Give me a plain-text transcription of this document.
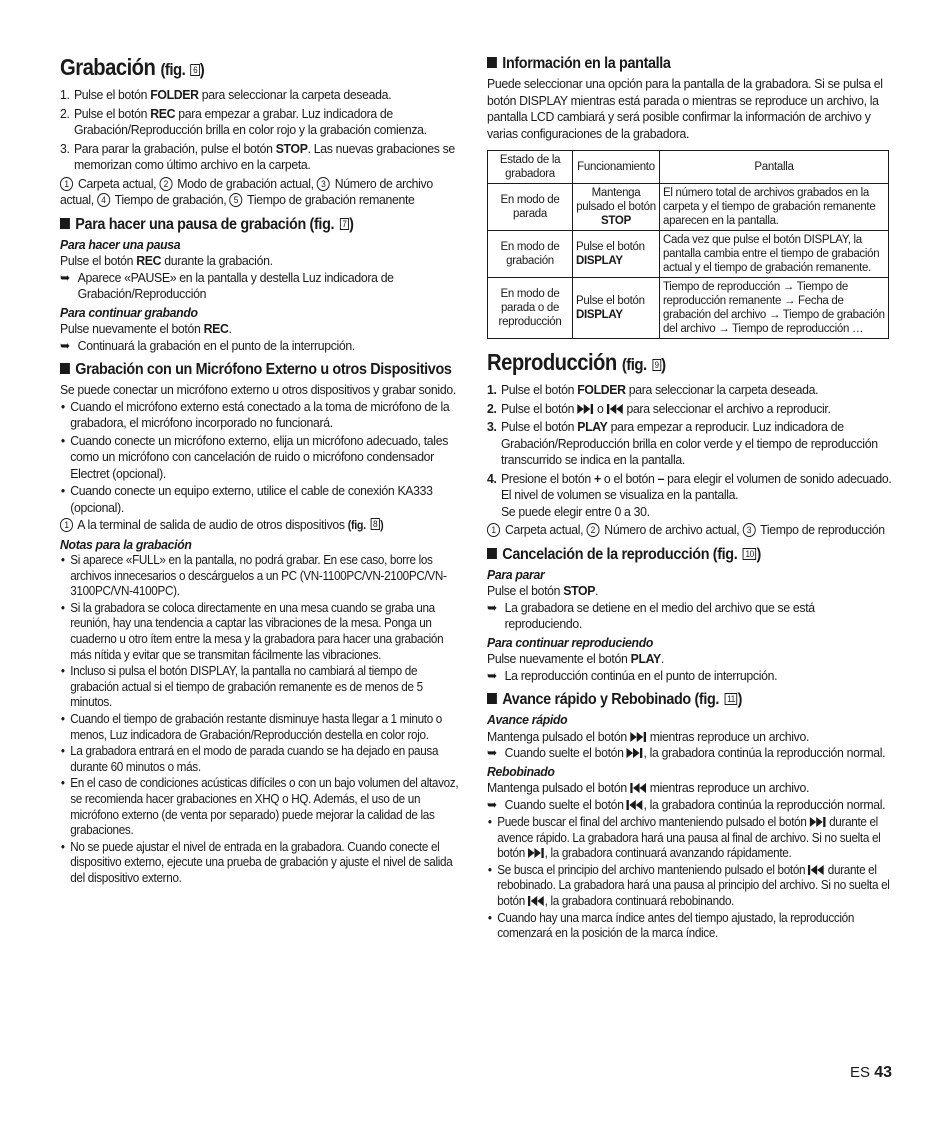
Grabación (fig. 6 )
1. Pulse el botón FOLDER para seleccionar la carpeta deseada.
2. Pulse el botón REC para empezar a grabar. Luz indicadora de Grabación/Reproducción brilla en color rojo y la grabación comienza.
3. Para parar la grabación, pulse el botón STOP. Las nuevas grabaciones se memorizan como último archivo en la carpeta.

1 Carpeta actual, 2 Modo de grabación actual, 3 Número de archivo actual, 4 Tiempo de grabación, 5 Tiempo de grabación remanente

Para hacer una pausa de grabación (fig. 7 )

Para hacer una pausa

Pulse el botón REC durante la grabación.

➥ Aparece «PAUSE» en la pantalla y destella Luz indicadora de Grabación/Reproducción

Para continuar grabando

Pulse nuevamente el botón REC.

➥ Continuará la grabación en el punto de la interrupción.
Grabación con un Micrófono Externo u otros Dispositivos

Se puede conectar un micrófono externo u otros dispositivos y grabar sonido.

• Cuando el micrófono externo está conectado a la toma de micrófono de la grabadora, el micrófono incorporado no funcionará.
• Cuando conecte un micrófono externo, elija un micrófono adecuado, tales como un micrófono con cancelación de ruido o micrófono condensador Electret (opcional).
• Cuando conecte un equipo externo, utilice el cable de conexión KA333 (opcional).

1 A la terminal de salida de audio de otros dispositivos (fig. 8 )

Notas para la grabación

• Si aparece «FULL» en la pantalla, no podrá grabar. En ese caso, borre los archivos innecesarios o descárguelos a un PC (VN-1100PC/VN-2100PC/VN-3100PC/VN-4100PC).
• Si la grabadora se coloca directamente en una mesa cuando se graba una reunión, hay una tendencia a captar las vibraciones de la mesa. Ponga un cuaderno u otro ítem entre la mesa y la grabadora para hacer una grabación más nítida y evitar que se transmitan fácilmente las vibraciones.
• Incluso si pulsa el botón DISPLAY, la pantalla no cambiará al tiempo de grabación actual si el tiempo de grabación remanente es de menos de 5 minutos.
• Cuando el tiempo de grabación restante disminuye hasta llegar a 1 minuto o menos, Luz indicadora de Grabación/Reproducción destella en color rojo.
• La grabadora entrará en el modo de parada cuando se ha dejado en pausa durante 60 minutos o más.
• En el caso de condiciones acústicas difíciles o con un bajo volumen del altavoz, se recomienda hacer grabaciones en XHQ o HQ. Además, el uso de un micrófono externo (de venta por separado) puede mejorar la calidad de las grabaciones.
• No se puede ajustar el nivel de entrada en la grabadora. Cuando conecte el dispositivo externo, ejecute una prueba de grabación y ajuste el nivel de salida del dispositivo externo.
Información en la pantalla

Puede seleccionar una opción para la pantalla de la grabadora. Si se pulsa el botón DISPLAY mientras está parada o mientras se reproduce un archivo, la pantalla LCD cambiará y será posible confirmar la información de archivo y varias configuraciones de la grabadora.

Estado de la grabadora	Funcionamiento	Pantalla
En modo de parada	Mantenga pulsado el botón STOP	El número total de archivos grabados en la carpeta y el tiempo de grabación remanente aparecen en la pantalla.
En modo de grabación	Pulse el botón DISPLAY	Cada vez que pulse el botón DISPLAY, la pantalla cambia entre el tiempo de grabación actual y el tiempo de grabación remanente.
En modo de parada o de reproducción	Pulse el botón DISPLAY	Tiempo de reproducción → Tiempo de reproducción remanente → Fecha de grabación del archivo → Tiempo de grabación del archivo → Tiempo de reproducción …
Reproducción (fig. 9 )
1. Pulse el botón FOLDER para seleccionar la carpeta deseada.
2. Pulse el botón  o  para seleccionar el archivo a reproducir.
3. Pulse el botón PLAY para empezar a reproducir. Luz indicadora de Grabación/Reproducción brilla en color verde y el tiempo de reproducción transcurrido se indica en la pantalla.
4. Presione el botón + o el botón – para elegir el volumen de sonido adecuado. El nivel de volumen se visualiza en la pantalla.
Se puede elegir entre 0 a 30.

1 Carpeta actual, 2 Número de archivo actual, 3 Tiempo de reproducción

Cancelación de la reproducción (fig. 10 )

Para parar

Pulse el botón STOP.

➥ La grabadora se detiene en el medio del archivo que se está reproduciendo.

Para continuar reproduciendo

Pulse nuevamente el botón PLAY.

➥ La reproducción continúa en el punto de interrupción.
Avance rápido y Rebobinado (fig. 11 )

Avance rápido

Mantenga pulsado el botón  mientras reproduce un archivo.

➥ Cuando suelte el botón , la grabadora continúa la reproducción normal.

Rebobinado

Mantenga pulsado el botón  mientras reproduce un archivo.

➥ Cuando suelte el botón , la grabadora continúa la reproducción normal.
• Puede buscar el final del archivo manteniendo pulsado el botón  durante el avence rápido. La grabadora hará una pausa al final de archivo. Si no suelta el botón , la grabadora continuará avanzando rápidamente.
• Se busca el principio del archivo manteniendo pulsado el botón  durante el rebobinado. La grabadora hará una pausa al principio del archivo. Si no suelta el botón , la grabadora continuará rebobinando.
• Cuando hay una marca índice antes del tiempo ajustado, la reproducción comenzará en la posición de la marca índice.
ES 43
